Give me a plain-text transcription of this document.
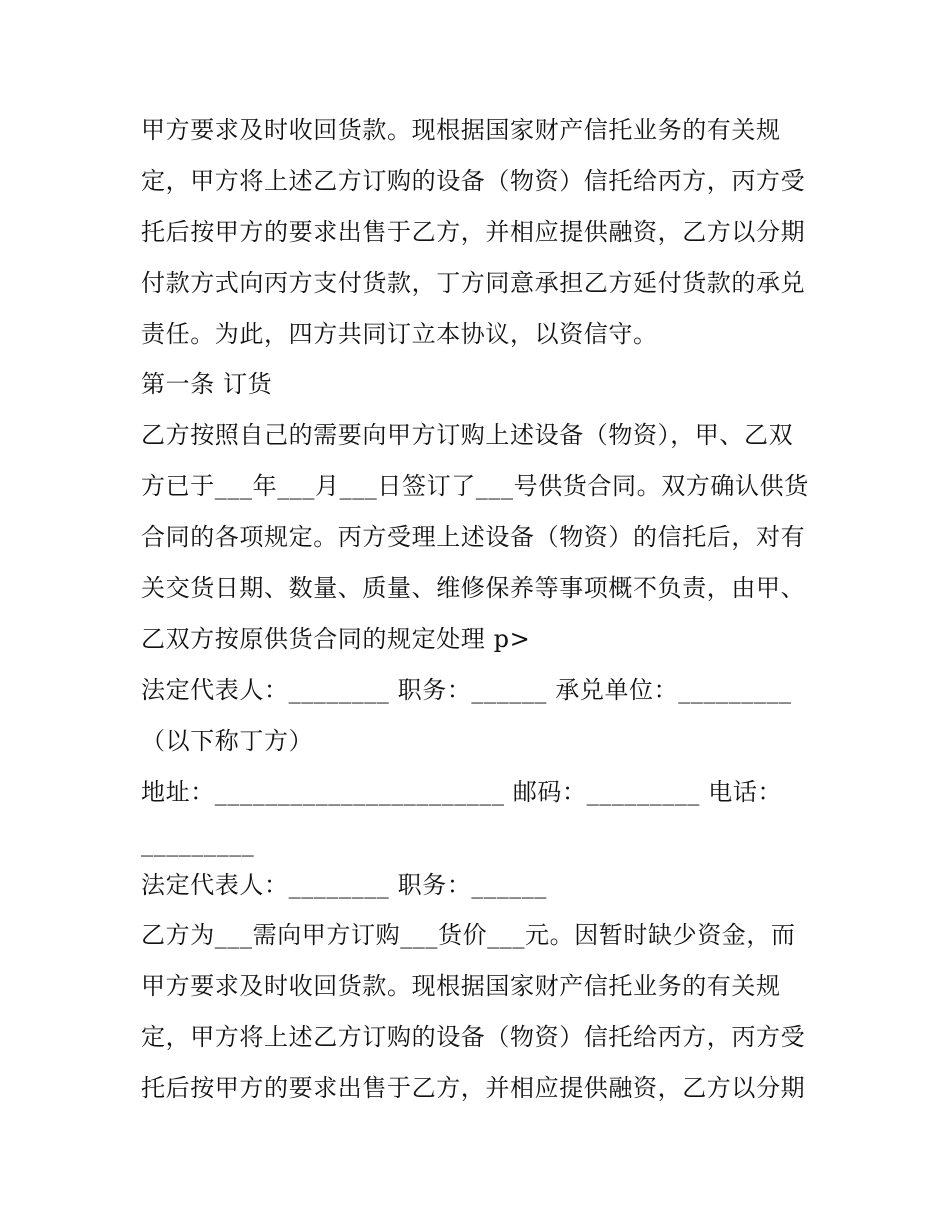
甲方要求及时收回货款。现根据国家财产信托业务的有关规
定，甲方将上述乙方订购的设备（物资）信托给丙方，丙方受
托后按甲方的要求出售于乙方，并相应提供融资，乙方以分期
付款方式向丙方支付货款，丁方同意承担乙方延付货款的承兑
责任。为此，四方共同订立本协议，以资信守。
第一条 订货
乙方按照自己的需要向甲方订购上述设备（物资），甲、乙双
方已于___年___月___日签订了___号供货合同。双方确认供货
合同的各项规定。丙方受理上述设备（物资）的信托后，对有
关交货日期、数量、质量、维修保养等事项概不负责，由甲、
乙双方按原供货合同的规定处理 p>
法定代表人：________ 职务：______ 承兑单位：_________
（以下称丁方）
地址：_______________________ 邮码：_________ 电话：
_________
法定代表人：________ 职务：______
乙方为___需向甲方订购___货价___元。因暂时缺少资金，而
甲方要求及时收回货款。现根据国家财产信托业务的有关规
定，甲方将上述乙方订购的设备（物资）信托给丙方，丙方受
托后按甲方的要求出售于乙方，并相应提供融资，乙方以分期
